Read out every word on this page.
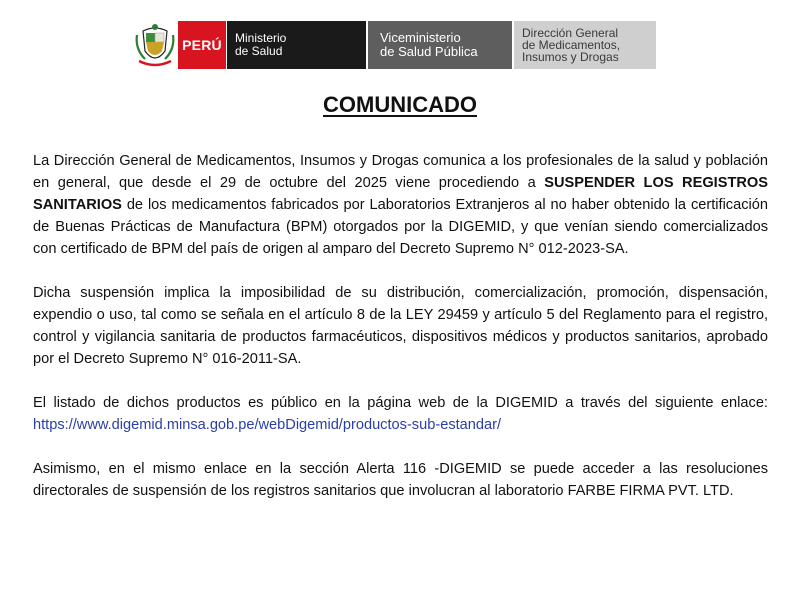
PERÚ Ministerio
de Salud
Viceministerio
de Salud Pública
Dirección General
de Medicamentos,
Insumos y Drogas
COMUNICADO

La Dirección General de Medicamentos, Insumos y Drogas comunica a los profesionales de la salud y población en general, que desde el 29 de octubre del 2025 viene procediendo a SUSPENDER LOS REGISTROS SANITARIOS de los medicamentos fabricados por Laboratorios Extranjeros al no haber obtenido la certificación de Buenas Prácticas de Manufactura (BPM) otorgados por la DIGEMID, y que venían siendo comercializados con certificado de BPM del país de origen al amparo del Decreto Supremo N° 012-2023-SA.

Dicha suspensión implica la imposibilidad de su distribución, comercialización, promoción, dispensación, expendio o uso, tal como se señala en el artículo 8 de la LEY 29459 y artículo 5 del Reglamento para el registro, control y vigilancia sanitaria de productos farmacéuticos, dispositivos médicos y productos sanitarios, aprobado por el Decreto Supremo N° 016-2011-SA.

El listado de dichos productos es público en la página web de la DIGEMID a través del siguiente enlace: https://www.digemid.minsa.gob.pe/webDigemid/productos-sub-estandar/

Asimismo, en el mismo enlace en la sección Alerta 116 -DIGEMID se puede acceder a las resoluciones directorales de suspensión de los registros sanitarios que involucran al laboratorio FARBE FIRMA PVT. LTD.
